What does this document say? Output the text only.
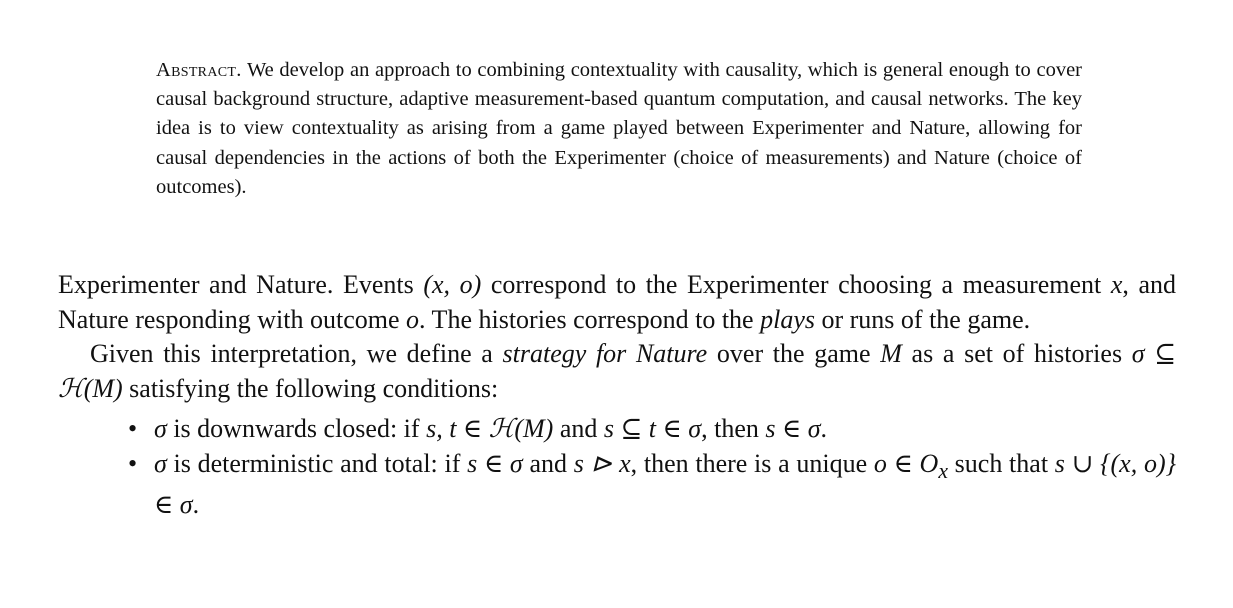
Abstract. We develop an approach to combining contextuality with causality, which is general enough to cover causal background structure, adaptive measurement-based quantum computation, and causal networks. The key idea is to view contextuality as arising from a game played between Experimenter and Nature, allowing for causal dependencies in the actions of both the Experimenter (choice of measurements) and Nature (choice of outcomes).

Experimenter and Nature. Events (x, o) correspond to the Experimenter choosing a measurement x, and Nature responding with outcome o. The histories correspond to the plays or runs of the game.

Given this interpretation, we define a strategy for Nature over the game M as a set of histories σ ⊆ ℋ(M) satisfying the following conditions:

• σ is downwards closed: if s, t ∈ ℋ(M) and s ⊆ t ∈ σ, then s ∈ σ.
• σ is deterministic and total: if s ∈ σ and s ⊳ x, then there is a unique o ∈ $O_x$ such that s ∪ {(x, o)} ∈ σ.
